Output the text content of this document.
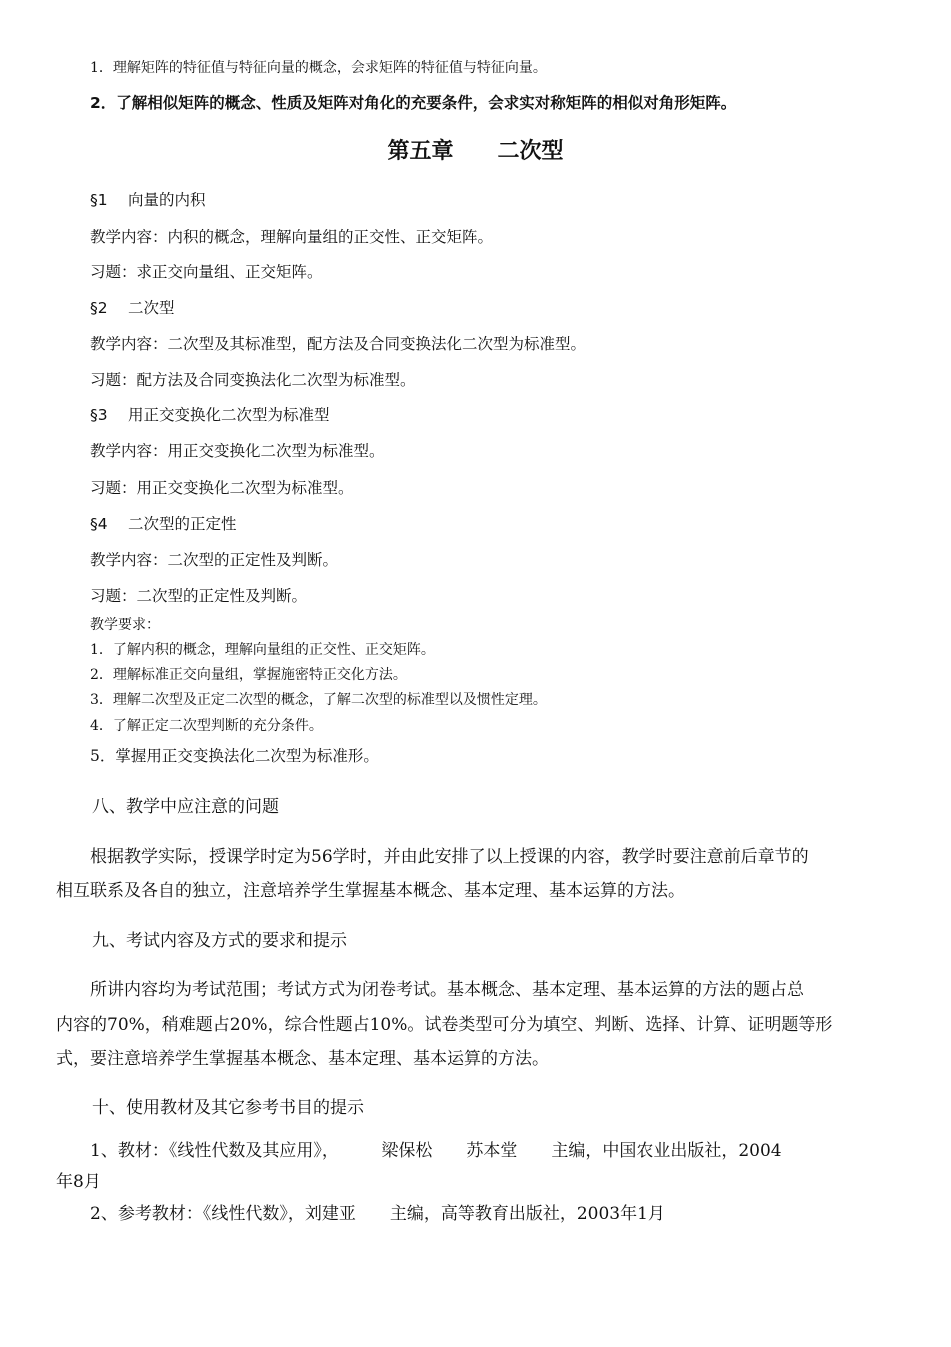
1．理解矩阵的特征值与特征向量的概念，会求矩阵的特征值与特征向量。
2．了解相似矩阵的概念、性质及矩阵对角化的充要条件，会求实对称矩阵的相似对角形矩阵。
第五章　　二次型
§1　 向量的内积
教学内容：内积的概念，理解向量组的正交性、正交矩阵。
习题：求正交向量组、正交矩阵。
§2　 二次型
教学内容：二次型及其标准型，配方法及合同变换法化二次型为标准型。
习题：配方法及合同变换法化二次型为标准型。
§3　 用正交变换化二次型为标准型
教学内容：用正交变换化二次型为标准型。
习题：用正交变换化二次型为标准型。
§4　 二次型的正定性
教学内容：二次型的正定性及判断。
习题：二次型的正定性及判断。
教学要求：
1．了解内积的概念，理解向量组的正交性、正交矩阵。
2．理解标准正交向量组，掌握施密特正交化方法。
3．理解二次型及正定二次型的概念，了解二次型的标准型以及惯性定理。
4．了解正定二次型判断的充分条件。
5．掌握用正交变换法化二次型为标准形。
八、教学中应注意的问题
根据教学实际，授课学时定为56学时，并由此安排了以上授课的内容，教学时要注意前后章节的
相互联系及各自的独立，注意培养学生掌握基本概念、基本定理、基本运算的方法。
九、考试内容及方式的要求和提示
所讲内容均为考试范围；考试方式为闭卷考试。基本概念、基本定理、基本运算的方法的题占总
内容的70%，稍难题占20%，综合性题占10%。试卷类型可分为填空、判断、选择、计算、证明题等形
式，要注意培养学生掌握基本概念、基本定理、基本运算的方法。
十、使用教材及其它参考书目的提示
1、教材：《线性代数及其应用》，　　　梁保松　　苏本堂　　主编，中国农业出版社，2004
年8月
2、参考教材：《线性代数》，刘建亚　　主编，高等教育出版社，2003年1月
